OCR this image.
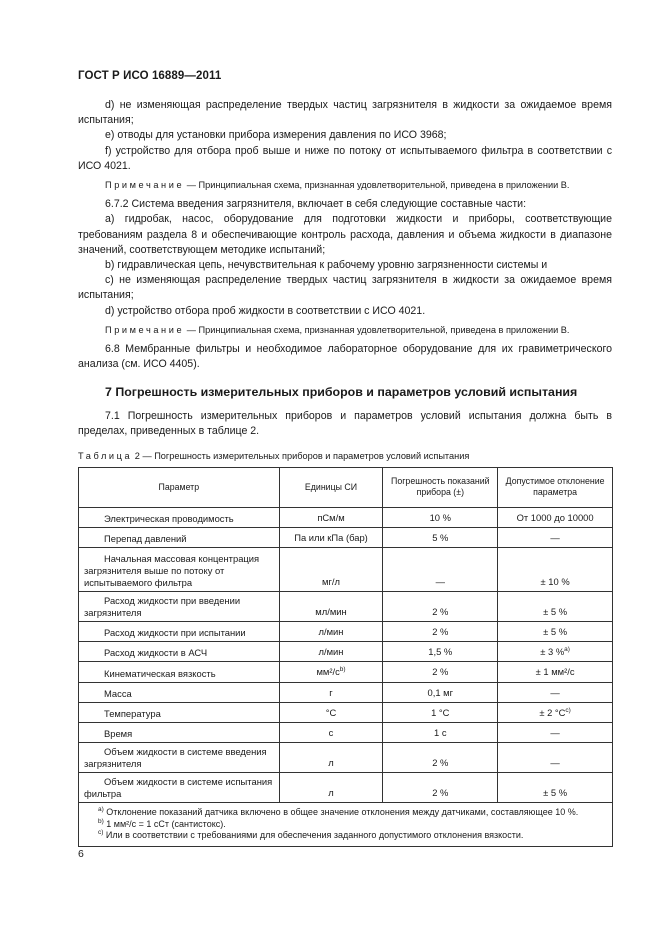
ГОСТ Р ИСО 16889—2011

d) не изменяющая распределение твердых частиц загрязнителя в жидкости за ожидаемое время испытания;

e) отводы для установки прибора измерения давления по ИСО 3968;

f) устройство для отбора проб выше и ниже по потоку от испытываемого фильтра в соответствии с ИСО 4021.

Примечание — Принципиальная схема, признанная удовлетворительной, приведена в приложении В.

6.7.2 Система введения загрязнителя, включает в себя следующие составные части:

а) гидробак, насос, оборудование для подготовки жидкости и приборы, соответствующие требованиям раздела 8 и обеспечивающие контроль расхода, давления и объема жидкости в диапазоне значений, соответствующем методике испытаний;

b) гидравлическая цепь, нечувствительная к рабочему уровню загрязненности системы и

c) не изменяющая распределение твердых частиц загрязнителя в жидкости за ожидаемое время испытания;

d) устройство отбора проб жидкости в соответствии с ИСО 4021.

Примечание — Принципиальная схема, признанная удовлетворительной, приведена в приложении В.

6.8 Мембранные фильтры и необходимое лабораторное оборудование для их гравиметрического анализа (см. ИСО 4405).

7 Погрешность измерительных приборов и параметров условий испытания

7.1 Погрешность измерительных приборов и параметров условий испытания должна быть в пределах, приведенных в таблице 2.

Таблица 2 — Погрешность измерительных приборов и параметров условий испытания
Параметр	Единицы СИ	Погрешность показаний прибора (±)	Допустимое отклонение параметра
Электрическая проводимость	пСм/м	10 %	От 1000 до 10000
Перепад давлений	Па или кПа (бар)	5 %	—
Начальная массовая концентрация загрязнителя выше по потоку от испытываемого фильтра	мг/л	—	± 10 %
Расход жидкости при введении загрязнителя	мл/мин	2 %	± 5 %
Расход жидкости при испытании	л/мин	2 %	± 5 %
Расход жидкости в АСЧ	л/мин	1,5 %	± 3 %$^{a)}$
Кинематическая вязкость	мм²/$с^{b)}$	2 %	± 1 мм²/с
Масса	г	0,1 мг	—
Температура	°С	1 °С	± 2 $^\circ С^{c)}$
Время	с	1 с	—
Объем жидкости в системе введения загрязнителя	л	2 %	—
Объем жидкости в системе испытания фильтра	л	2 %	± 5 %

$^{a)}$ Отклонение показаний датчика включено в общее значение отклонения между датчиками, составляющее 10 %.

$^{b)}$ 1 мм²/с = 1 сСт (сантистокс).

$^{c)}$ Или в соответствии с требованиями для обеспечения заданного допустимого отклонения вязкости.			

6
